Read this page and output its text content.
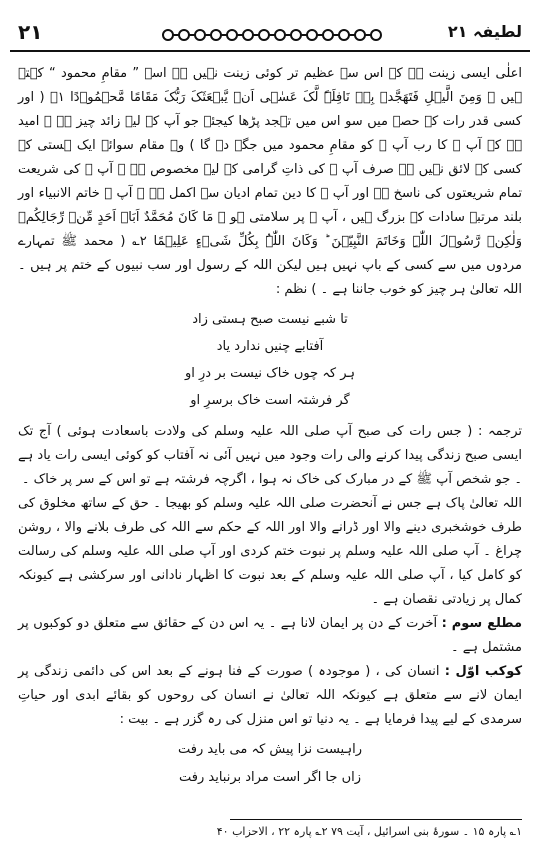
۲۱	لطیفہ ۲۱

اعلٰی ایسی زینت ہے کہ اس سے عظیم تر کوئی زینت نہیں ہے اسے ” مقامِ محمود “ کہتے ہیں ۔ وَمِنَ الَّیۡلِ فَتَھَجَّدۡ بِہٖ نَافِلَۃً لَّکَ عَسٰۤی اَنۡ یَّبۡعَثَکَ رَبُّکَ مَقَامًا مَّحۡمُوۡدًا ۱؎ ( اور کسی قدر رات کے حصے میں سو اس میں تہجد پڑھا کیجئے جو آپ کے لیے زائد چیز ہے ۔ امید ہے کہ آپ ﷺ کا رب آپ ﷺ کو مقامِ محمود میں جگہ دے گا ) وہ مقام سوائے ایک ہستی کے کسی کے لائق نہیں ہے صرف آپ ﷺ کی ذاتِ گرامی کے لیے مخصوص ہے ۔ آپ ﷺ کی شریعت تمام شریعتوں کی ناسخ ہے اور آپ ﷺ کا دین تمام ادیان سے اکمل ہے ۔ آپ ﷺ خاتم الانبیاء اور بلند مرتبہ سادات کے بزرگ ہیں ، آپ ﷺ پر سلامتی ہو ۔ مَا کَانَ مُحَمَّدٌ اَبَاۤ اَحَدٍ مِّنۡ رِّجَالِکُمۡ وَلٰکِنۡ رَّسُوۡلَ اللّٰہِ وَخَاتَمَ النَّبِیّٖنَ ؕ وَکَانَ اللّٰہُ بِکُلِّ شَیۡءٍ عَلِیۡمًا ۲؎ ( محمد ﷺ تمہارے مردوں میں سے کسی کے باپ نہیں ہیں لیکن اللہ کے رسول اور سب نبیوں کے ختم پر ہیں ۔ اللہ تعالیٰ ہر چیز کو خوب جاننا ہے ۔ ) نظم :

تا شبے نیست صبح ہستی زاد
آفتابے چنیں ندارد یاد
ہر کہ چوں خاک نیست بر درِ او
گر فرشتہ است خاک برسرِ او

ترجمہ : ( جس رات کی صبح آپ صلی اللہ علیہ وسلم کی ولادت باسعادت ہوئی ) آج تک ایسی صبح زندگی پیدا کرنے والی رات وجود میں نہیں آئی نہ آفتاب کو کوئی ایسی رات یاد ہے ۔ جو شخص آپ ﷺ کے در مبارک کی خاک نہ ہوا ، اگرچہ فرشتہ ہے تو اس کے سر پر خاک ۔

اللہ تعالیٰ پاک ہے جس نے آنحضرت صلی اللہ علیہ وسلم کو بھیجا ۔ حق کے ساتھ مخلوق کی طرف خوشخبری دینے والا اور ڈرانے والا اور اللہ کے حکم سے اللہ کی طرف بلانے والا ، روشن چراغ ۔ آپ صلی اللہ علیہ وسلم پر نبوت ختم کردی اور آپ صلی اللہ علیہ وسلم کی رسالت کو کامل کیا ، آپ صلی اللہ علیہ وسلم کے بعد نبوت کا اظہار نادانی اور سرکشی ہے کیونکہ کمال پر زیادتی نقصان ہے ۔

مطلع سوم : آخرت کے دن پر ایمان لانا ہے ۔ یہ اس دن کے حقائق سے متعلق دو کوکبوں پر مشتمل ہے ۔

کوکب اوّل : انسان کی ، ( موجودہ ) صورت کے فنا ہونے کے بعد اس کی دائمی زندگی پر ایمان لانے سے متعلق ہے کیونکہ اللہ تعالیٰ نے انسان کی روحوں کو بقائے ابدی اور حیاتِ سرمدی کے لیے پیدا فرمایا ہے ۔ یہ دنیا تو اس منزل کی رہ گزر ہے ۔ بیت :

راہیست نزا پیش کہ می باید رفت
زاں جا اگر است مراد برنباید رفت
۱؎ پارہ ۱۵ ۔ سورۂ بنی اسرائیل ، آیت ۷۹ ۲؎ پارہ ۲۲ ، الاحزاب ۴۰
